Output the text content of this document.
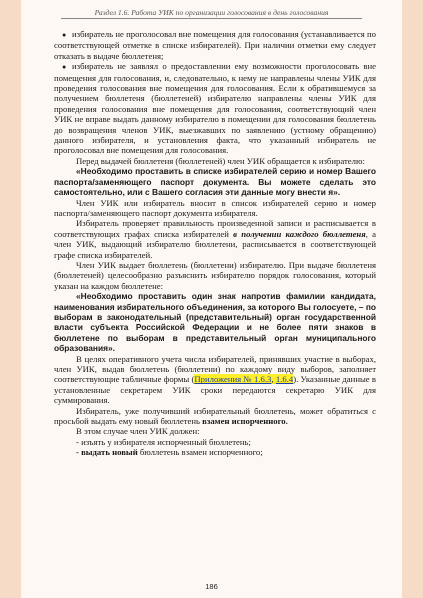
Раздел 1.6. Работа УИК по организации голосования в день голосования

● избиратель не проголосовал вне помещения для голосования (устанавливается по соответствующей отметке в списке избирателей). При наличии отметки ему следует отказать в выдаче бюллетеня;

● избиратель не заявлял о предоставлении ему возможности проголосовать вне помещения для голосования, и, следовательно, к нему не направлены члены УИК для проведения голосования вне помещения для голосования. Если к обратившемуся за получением бюллетеня (бюллетеней) избирателю направлены члены УИК для проведения голосования вне помещения для голосования, соответствующий член УИК не вправе выдать данному избирателю в помещении для голосования бюллетень до возвращения членов УИК, выезжавших по заявлению (устному обращению) данного избирателя, и установления факта, что указанный избиратель не проголосовал вне помещения для голосования.

Перед выдачей бюллетеня (бюллетеней) член УИК обращается к избирателю:

«Необходимо проставить в списке избирателей серию и номер Вашего паспорта/заменяющего паспорт документа. Вы можете сделать это самостоятельно, или с Вашего согласия эти данные могу внести я».

Член УИК или избиратель вносит в список избирателей серию и номер паспорта/заменяющего паспорт документа избирателя.

Избиратель проверяет правильность произведенной записи и расписывается в соответствующих графах списка избирателей в получении каждого бюллетеня, а член УИК, выдающий избирателю бюллетени, расписывается в соответствующей графе списка избирателей.

Член УИК выдает бюллетень (бюллетени) избирателю. При выдаче бюллетеня (бюллетеней) целесообразно разъяснить избирателю порядок голосования, который указан на каждом бюллетене:

«Необходимо проставить один знак напротив фамилии кандидата, наименования избирательного объединения, за которого Вы голосуете, – по выборам в законодательный (представительный) орган государственной власти субъекта Российской Федерации и не более пяти знаков в бюллетене по выборам в представительный орган муниципального образования».

В целях оперативного учета числа избирателей, принявших участие в выборах, член УИК, выдав бюллетень (бюллетени) по каждому виду выборов, заполняет соответствующие табличные формы (Приложения № 1.6.3, 1.6.4). Указанные данные в установленные секретарем УИК сроки передаются секретарю УИК для суммирования.

Избиратель, уже получивший избирательный бюллетень, может обратиться с просьбой выдать ему новый бюллетень взамен испорченного.

В этом случае член УИК должен:

- изъять у избирателя испорченный бюллетень;

- выдать новый бюллетень взамен испорченного;

186
